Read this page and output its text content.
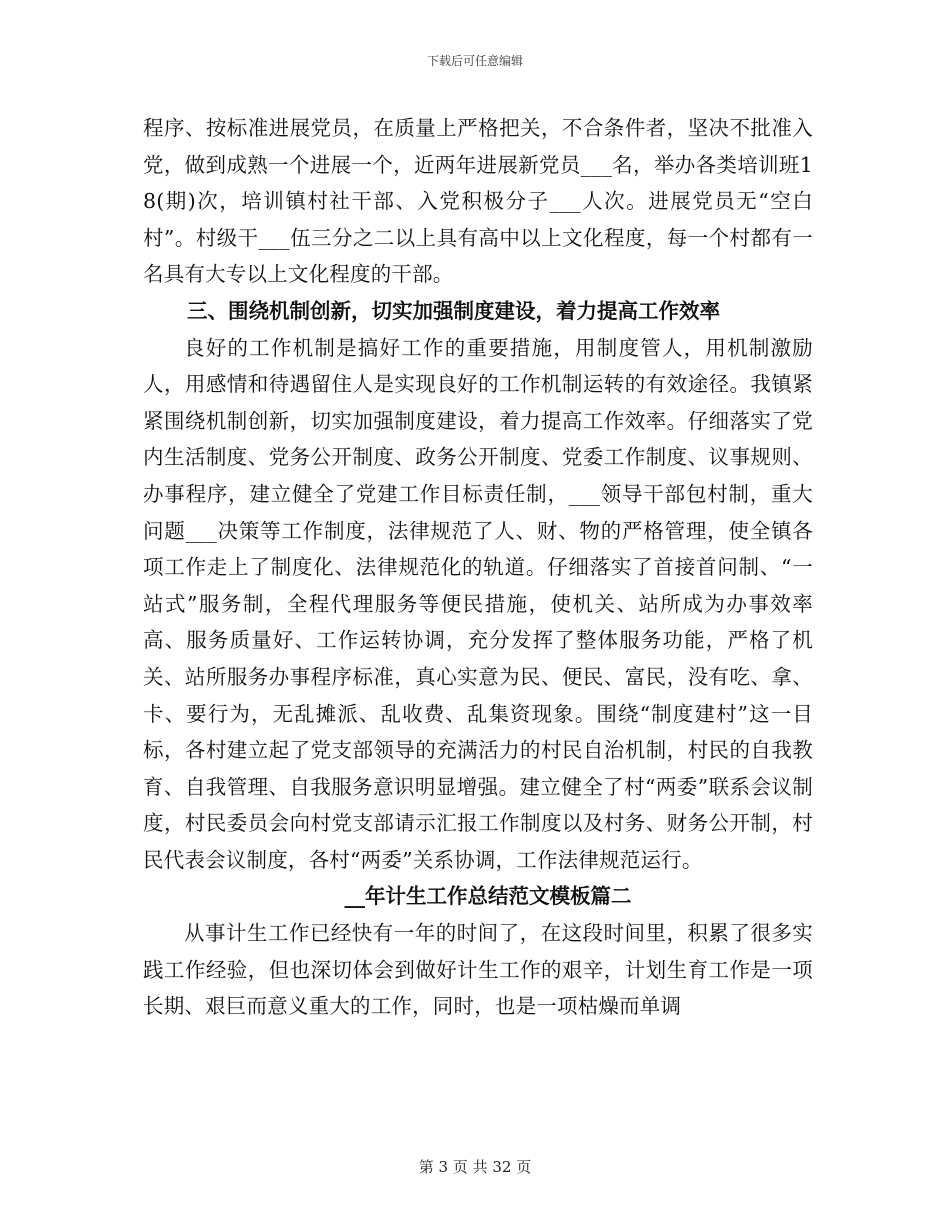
下载后可任意编辑

程序、按标准进展党员，在质量上严格把关，不合条件者，坚决不批准入党，做到成熟一个进展一个，近两年进展新党员___名，举办各类培训班18(期)次，培训镇村社干部、入党积极分子___人次。进展党员无“空白村”。村级干___伍三分之二以上具有高中以上文化程度，每一个村都有一名具有大专以上文化程度的干部。

三、围绕机制创新，切实加强制度建设，着力提高工作效率

良好的工作机制是搞好工作的重要措施，用制度管人，用机制激励人，用感情和待遇留住人是实现良好的工作机制运转的有效途径。我镇紧紧围绕机制创新，切实加强制度建设，着力提高工作效率。仔细落实了党内生活制度、党务公开制度、政务公开制度、党委工作制度、议事规则、办事程序，建立健全了党建工作目标责任制，___领导干部包村制，重大问题___决策等工作制度，法律规范了人、财、物的严格管理，使全镇各项工作走上了制度化、法律规范化的轨道。仔细落实了首接首问制、“一站式”服务制，全程代理服务等便民措施，使机关、站所成为办事效率高、服务质量好、工作运转协调，充分发挥了整体服务功能，严格了机关、站所服务办事程序标准，真心实意为民、便民、富民，没有吃、拿、卡、要行为，无乱摊派、乱收费、乱集资现象。围绕“制度建村”这一目标，各村建立起了党支部领导的充满活力的村民自治机制，村民的自我教育、自我管理、自我服务意识明显增强。建立健全了村“两委”联系会议制度，村民委员会向村党支部请示汇报工作制度以及村务、财务公开制，村民代表会议制度，各村“两委”关系协调，工作法律规范运行。

__年计生工作总结范文模板篇二

从事计生工作已经快有一年的时间了，在这段时间里，积累了很多实践工作经验，但也深切体会到做好计生工作的艰辛，计划生育工作是一项长期、艰巨而意义重大的工作，同时，也是一项枯燥而单调

第 3 页 共 32 页
